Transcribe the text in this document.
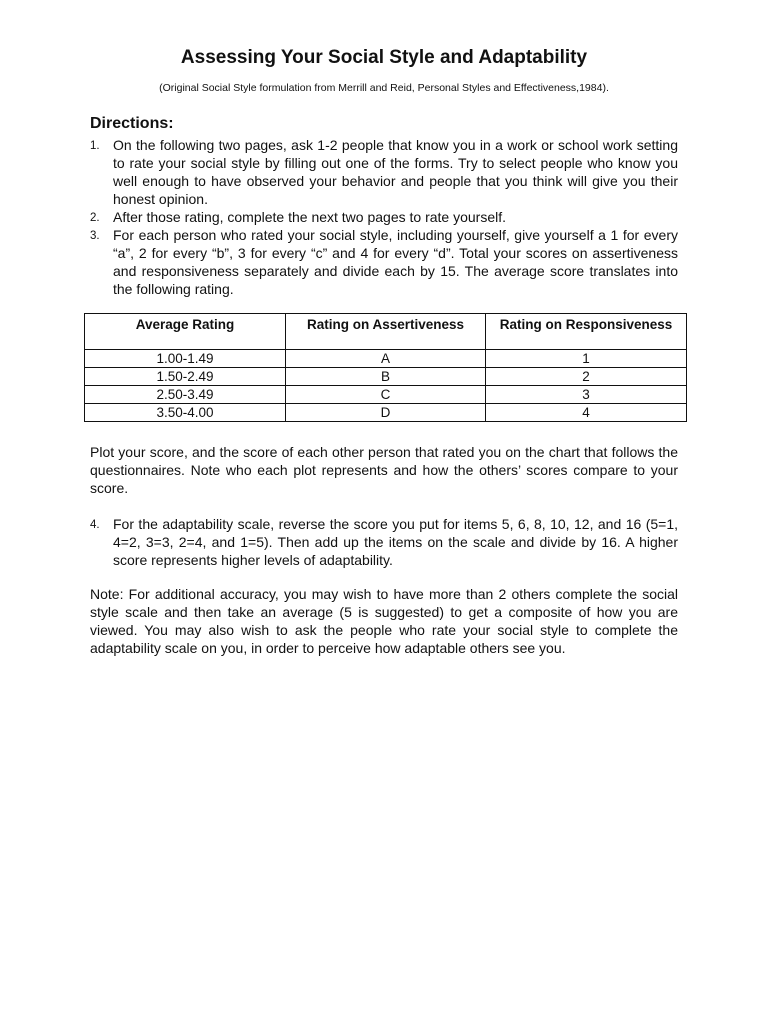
Assessing Your Social Style and Adaptability
(Original Social Style formulation from Merrill and Reid, Personal Styles and Effectiveness,1984).
Directions:
1. On the following two pages, ask 1-2 people that know you in a work or school work setting to rate your social style by filling out one of the forms. Try to select people who know you well enough to have observed your behavior and people that you think will give you their honest opinion.
2. After those rating, complete the next two pages to rate yourself.
3. For each person who rated your social style, including yourself, give yourself a 1 for every “a”, 2 for every “b”, 3 for every “c” and 4 for every “d”. Total your scores on assertiveness and responsiveness separately and divide each by 15. The average score translates into the following rating.
Average Rating	Rating on Assertiveness	Rating on Responsiveness
1.00-1.49	A	1
1.50-2.49	B	2
2.50-3.49	C	3
3.50-4.00	D	4

Plot your score, and the score of each other person that rated you on the chart that follows the questionnaires. Note who each plot represents and how the others’ scores compare to your score.

4. For the adaptability scale, reverse the score you put for items 5, 6, 8, 10, 12, and 16 (5=1, 4=2, 3=3, 2=4, and 1=5). Then add up the items on the scale and divide by 16. A higher score represents higher levels of adaptability.

Note: For additional accuracy, you may wish to have more than 2 others complete the social style scale and then take an average (5 is suggested) to get a composite of how you are viewed. You may also wish to ask the people who rate your social style to complete the adaptability scale on you, in order to perceive how adaptable others see you.
